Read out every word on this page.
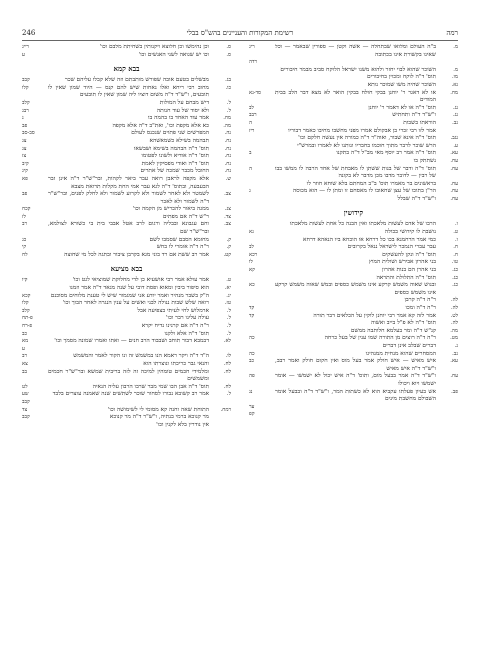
246	רשימת המקורות והעניינים בהש"ס בבלי	רמה
מ.
ב"ה העולם ומלואו שבתחלה — אשה וקטן — ספורין שבאמר — וכל שאינו בקשורת אינו בכתובה
ריג
רדה
מ.
השוכר שהוא לבוי יחזר ולהוא משנו ישראל הלוקח סביב מבמר חיבורים
מו.
תוס' ד"ה לוקח ומכוין בחיבורים
נא.
השוכר שהיה משו שמוכר נותא
מח.
או לא דאגר ר' יוחנן בבקי חולח בבקין הואר לא מצא דבר הלב בבית המודים
סד-נא
נג.
תוס' ד"ה או לא דאמר ר' יוחנן
לב
נג.
ו"ש"ד ד"ה ותחתיש
רבב
נב.
הוראתו בשבות
ה
אמר לזו רבי זכרי בן אבקולם אמרו מפני מחשבו מחיבו כאמר דבוריו
ריז
נגב.
תוס' ד"ה אינא שבור, ואוה"ר ד"ה כמורה אין נעשה חלקם וכו'
ע.
הרש שוכר לרבר מתוך חוכמו בחבריו ונותנו לא לאמרו ובמרש"י
עא.
תוס' ד"ה אמר רב יוסף מאי מב"ל ד"ה בתקנו
ב
עח.
נשתתק בו
עח.
תוס' ד"ה ודבר של בנות ששתן לו מאבחת של אחד הרבה לו ממשו בבו של רבין — לדובר מדבו מכן מדבר לא בקונה
ה
עח.
בראשונים בר מאמרו תוס' ב"ב המחתם בלא שוחא חוזר לו
עח.
הר"ן בתוכו של עצן שחאובו לו מאסחם זו ומתן לו — הוא מכוסה
ג
עח.
ו"ש"ד ד"ה שבלל
קידושין
ו.
הרבו של אדם לעשות מלאכתו ואין הבנה כל אחת לעשות מלאכתו
ט.
נושבת לו קידושי בכולה
נא
ו.
כמי אמר הרחמנא בכו כל דרחא או הוכחא ביו הנאהא דרחא
ח.
עבר עברי הנמכר לישראל ננאל בקרובים
לב
ח.
תוס' ד"ה ונקן להעשקים
רכא
טו.
בני אהרון אבירש ושולית המוץ
לו
כג.
בני אהרן הם בנות אהרון
קא
כג.
תוס' ד"ה התלולת והתראה
כג.
ובנוש שאוה משמש קרקע אינו משמש כספים ובמש שאוה משמש קרקע אינו משמש כספים
כא
לה.
ר"ה ד"ה קרבן
לה.
ר"ה ד"ה ומכו
קד
לט.
אמר לזה קא אמר רבי יוחנן לוקין על הכלאים דבר תורה
קד
לה.
תוס' ד"ה לא פ"ל בייב ואשוה
מה.
קנ"ש ד"ה ומר בעלמא חלותבה ממשם
מט.
ר"ה ד"ה רוצים מן התורה שמו ענין של בעל כרחה
כה
נ.
דברים שבלב אינן דברים
נב.
המסחרים שהוא מנחית ממנהיגו
כה
עא.
איש מאיש — איש חולק אמר בעל מוס ואין חקום חולק ואמר רבב, ו"ש"ד ד"ה איש מאיש
כב
עח.
ו"ש"ד ד"ה אמר בבעל מום, ותוס' ד"ה איש יכול לא ישמשו — אומר ישמשו ויוא ויכולו
פה
פב.
אש בעיון פעלתו עקביא הוא לא כשתות המר, ו"ש"ד ד"ה ובבעל אומר השבולם מחשבת מינים
נג
ער
קפ
ס.
וכן נהימשו וכן חלוצא ויקנותין בשחיתת מלבם וכו'
רייג
ס.
וכו יש שגואה לשני האנשים וכו'
ע
בבא קמא
בג.
מבשלים בטעם אובה שפורש מותבתם וזה שלא קבלו עליהם שכר
קבב
כו.
מחוב רבי ריחא ואלו נאחות שיש להם קנס — היוד שמון שאין לו תובעים, ו"ש"ד ד"ה משום דוציו ליה שמון שאין לו תובעים
קלו
ל.
דיש מבחם על המולות
קלב
ל.
ולא יסוד של עוד חנותה
רבג
מח.
אמד עוד האחד בו בהמה בו
נ
מה.
כא אלא מקפת וכו', ואת"ב ד"ה אלא מקפה
פב
נה.
המפרשים שני פתוים שנכנס לעולם
סב-סב
נח.
תבהמה בשילא כשמאשהא
צג
נח.
תוס' ד"ה הבהמה בשימא ושבשאו
צג
נח.
תוס' ד"ה אודיא ולשונו לפטומו
צז
נח.
תוס' ד"ה ואודי מפסיקין לאמת
קיב
נח.
החובל מכבר שמכה של אתרים
קיג
ש.
אלא מקפה לראבן רואה עבר ביאר לקהות, ובר"ש"ר ד"ה אינן זבר הבעבעה, ובתוס' ד"ה לגא עבר אמי החת מקלות תרואת מצבא
פא
צב.
לשמטר ולא לאחר לשמור ולא לקרוע לשמור ולא לחלק לפנים, ובר"ש"ר ד"ה לשמור ולא לאכר
פב
צג.
ממגה ביאור להכריש מן הקמה וכו'
קכח
צד.
ר"ש ד"ה אם מפתים
לז
צב.
וחם עגבונא ובבליה ורגום לרב אטל אבבי בית בי כשורא לצולמא, ובר"ש"ר שם
רב
ק.
מחזמא הסבם שסמבו לשם
כג
ק.
ר"ה ד"ה אומרי לו בחש
קי
קט.
אמר רב ששת אם רד בוני מגא בקרבן ציבור ובתגה לכל מי שחוצה
לח
בבא מציעא
ט.
אמר עולא אמר רבי אושעיא כן לדי מחלוקת שמוציאי לגט וכו'
קיו
יא.
הוא סיפור ביבין ומאוא ופסת דובי על שנה מגאד ד"ה אמר וזמנו
יג.
ה"ק בשבר מנהיר ואמר יודע אני שמגמור שיש לי טענת מלוחים מסוכנם
קכא
טז.
רואה שלש שבות ננולה לבני ואשים על ענין הנגרה לאחר הבוך וכו'
קלו
ל.
ארמלוש לחי לעיתי בצפיעה אבל
קלב
ל.
עולה עלינו רבר וכו'
פ-תח
ל.
ר"ה ד"ה אם קרנינו נדיח יקרא
פ-רח
ל.
תוס' ד"ה אלא ולקנו
כב
לא.
דבמבא דבור תוחב ושבבוד הרב חנים — ואתו ואמרו שמונה מסמך וכו'
מא
ע
לו.
ה"ד ד"ה ויקר ראמא הנו במשמש זה ונו הקור לאמר והמשמש
רב
לח.
והנאי גבר כריכתו ונוצרתו הוא
צא
לח.
ומלמידי חכמים טומהין למיכה זה לזה בריבית שמשא ובר"ש"ר חכמים ומשמשים
בב
לח.
תוס' ד"ה אבן הבו שמי מבר שרבו הרבון עליה הנאיה
לט
ל.
אמר רב קשובא נבורו לסחור שוכר לשתשים שנה שאמנה עוצרים בלבד
שע
קבב
רמח.
התוחת שאה וחנה קא מסומי לי לשימושה וכו'
צד
מר קנוכא ברמי בנתיה, ו"ש"ר ד"ה מר קנוכא
קבב
אין נודרין בלא לקנין וכו'
